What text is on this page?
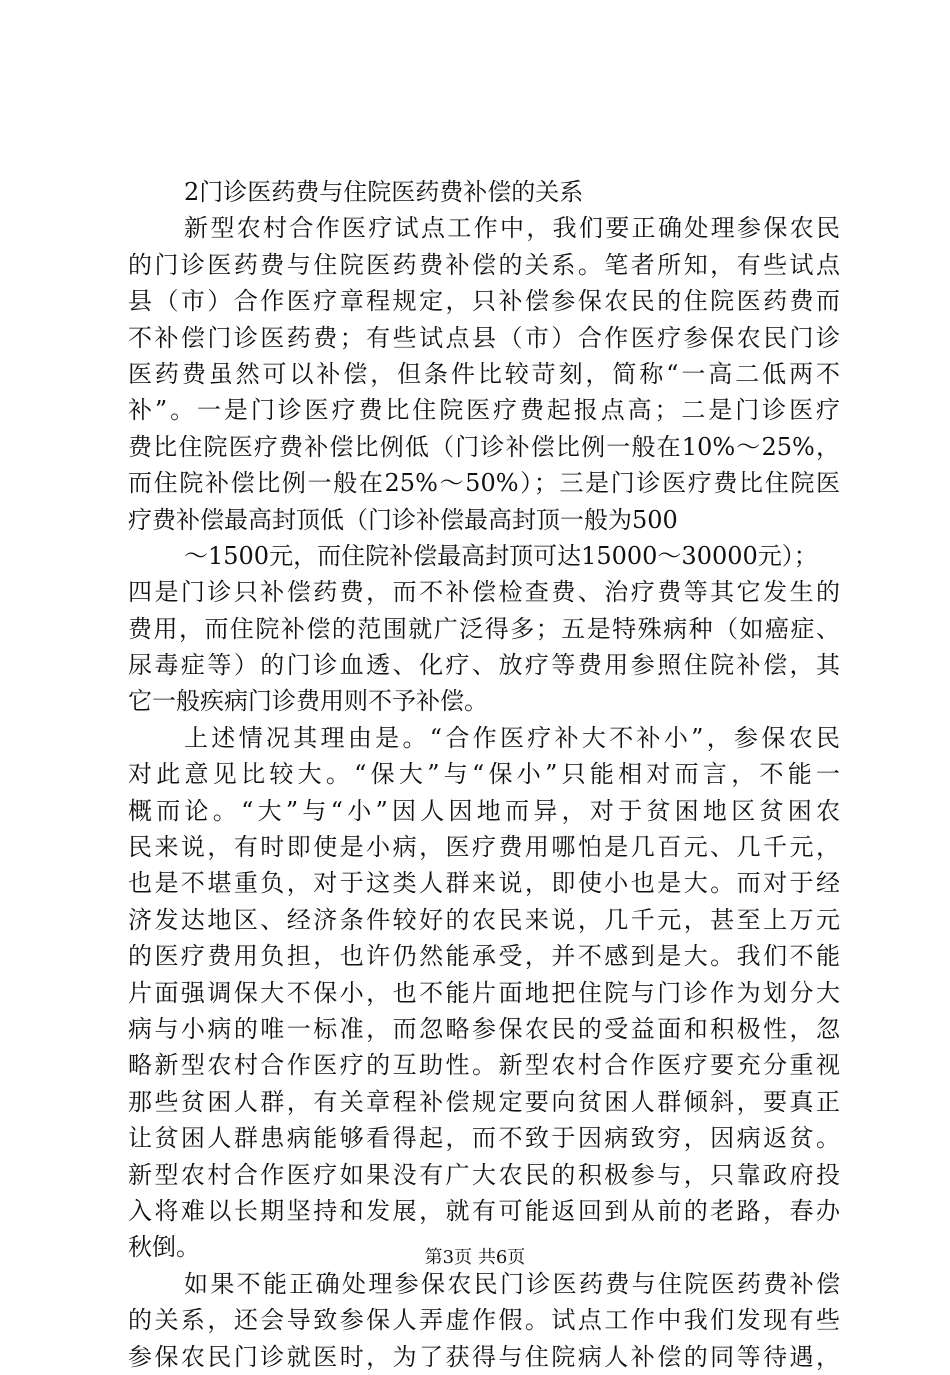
2门诊医药费与住院医药费补偿的关系
新型农村合作医疗试点工作中，我们要正确处理参保农民
的门诊医药费与住院医药费补偿的关系。笔者所知，有些试点
县（市）合作医疗章程规定，只补偿参保农民的住院医药费而
不补偿门诊医药费；有些试点县（市）合作医疗参保农民门诊
医药费虽然可以补偿，但条件比较苛刻，简称“一高二低两不
补”。一是门诊医疗费比住院医疗费起报点高；二是门诊医疗
费比住院医疗费补偿比例低（门诊补偿比例一般在10%～25%，
而住院补偿比例一般在25%～50%）；三是门诊医疗费比住院医
疗费补偿最高封顶低（门诊补偿最高封顶一般为500
～1500元，而住院补偿最高封顶可达15000～30000元）；
四是门诊只补偿药费，而不补偿检查费、治疗费等其它发生的
费用，而住院补偿的范围就广泛得多；五是特殊病种（如癌症、
尿毒症等）的门诊血透、化疗、放疗等费用参照住院补偿，其
它一般疾病门诊费用则不予补偿。
上述情况其理由是。“合作医疗补大不补小”，参保农民
对此意见比较大。“保大”与“保小”只能相对而言，不能一
概而论。“大”与“小”因人因地而异，对于贫困地区贫困农
民来说，有时即使是小病，医疗费用哪怕是几百元、几千元，
也是不堪重负，对于这类人群来说，即使小也是大。而对于经
济发达地区、经济条件较好的农民来说，几千元，甚至上万元
的医疗费用负担，也许仍然能承受，并不感到是大。我们不能
片面强调保大不保小，也不能片面地把住院与门诊作为划分大
病与小病的唯一标准，而忽略参保农民的受益面和积极性，忽
略新型农村合作医疗的互助性。新型农村合作医疗要充分重视
那些贫困人群，有关章程补偿规定要向贫困人群倾斜，要真正
让贫困人群患病能够看得起，而不致于因病致穷，因病返贫。
新型农村合作医疗如果没有广大农民的积极参与，只靠政府投
入将难以长期坚持和发展，就有可能返回到从前的老路，春办
秋倒。
如果不能正确处理参保农民门诊医药费与住院医药费补偿
的关系，还会导致参保人弄虚作假。试点工作中我们发现有些
参保农民门诊就医时，为了获得与住院病人补偿的同等待遇，
第3页 共6页
